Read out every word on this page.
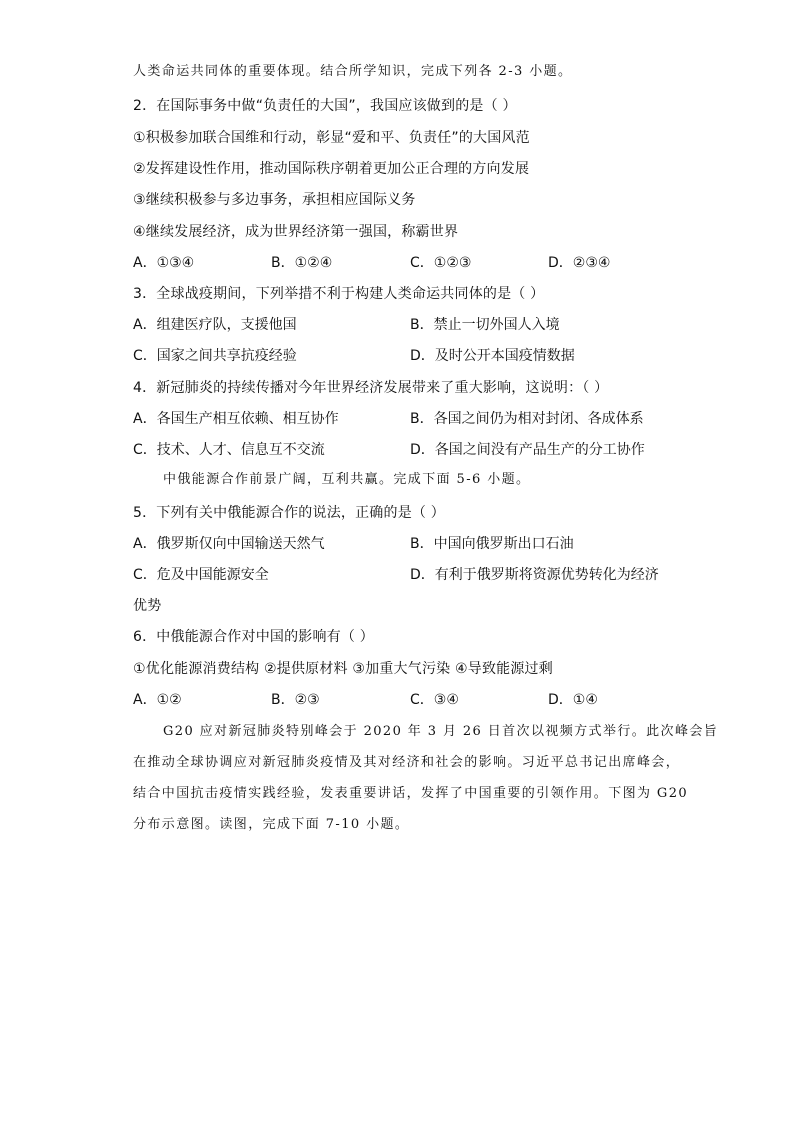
人类命运共同体的重要体现。结合所学知识，完成下列各 2-3 小题。
2．在国际事务中做“负责任的大国”，我国应该做到的是（ ）
①积极参加联合国维和行动，彰显“爱和平、负责任”的大国风范
②发挥建设性作用，推动国际秩序朝着更加公正合理的方向发展
③继续积极参与多边事务，承担相应国际义务
④继续发展经济，成为世界经济第一强国，称霸世界
A．①③④	B．①②④	C．①②③	D．②③④
3．全球战疫期间，下列举措不利于构建人类命运共同体的是（ ）
A．组建医疗队，支援他国	B．禁止一切外国人入境
C．国家之间共享抗疫经验	D．及时公开本国疫情数据
4．新冠肺炎的持续传播对今年世界经济发展带来了重大影响，这说明：（ ）
A．各国生产相互依赖、相互协作	B．各国之间仍为相对封闭、各成体系
C．技术、人才、信息互不交流	D．各国之间没有产品生产的分工协作
中俄能源合作前景广阔，互利共赢。完成下面 5-6 小题。
5．下列有关中俄能源合作的说法，正确的是（ ）
A．俄罗斯仅向中国输送天然气	B．中国向俄罗斯出口石油
C．危及中国能源安全	D．有利于俄罗斯将资源优势转化为经济
优势
6．中俄能源合作对中国的影响有（ ）
①优化能源消费结构 ②提供原材料 ③加重大气污染 ④导致能源过剩
A．①②	B．②③	C．③④	D．①④
G20 应对新冠肺炎特别峰会于 2020 年 3 月 26 日首次以视频方式举行。此次峰会旨
在推动全球协调应对新冠肺炎疫情及其对经济和社会的影响。习近平总书记出席峰会，
结合中国抗击疫情实践经验，发表重要讲话，发挥了中国重要的引领作用。下图为 G20
分布示意图。读图，完成下面 7-10 小题。
